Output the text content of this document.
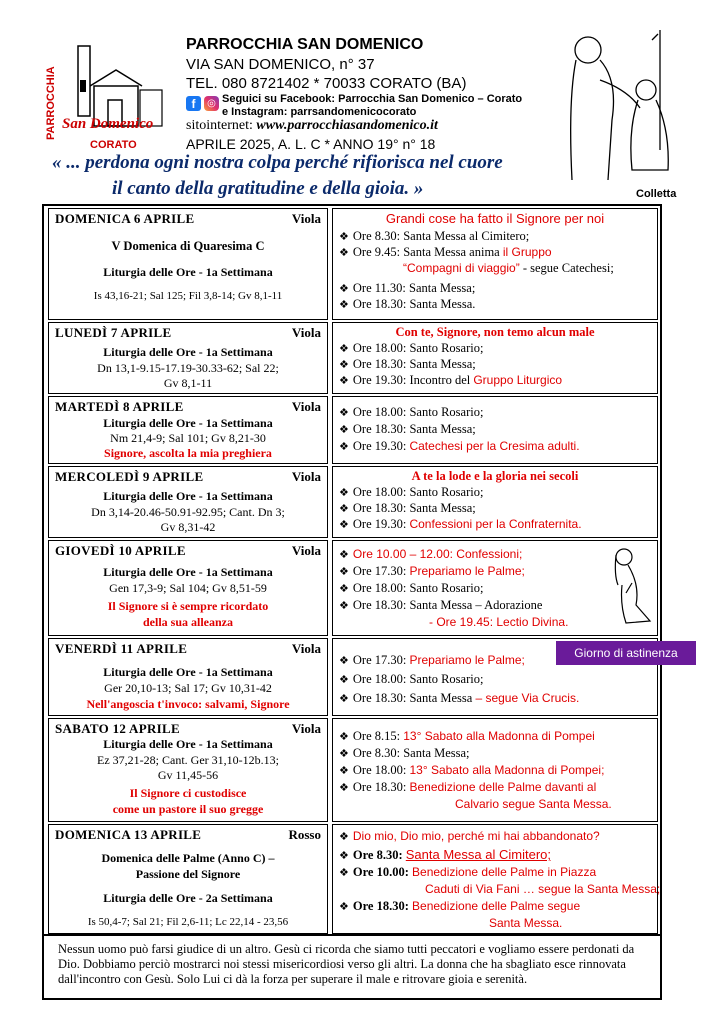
PARROCCHIA San Domenico
CORATO
PARROCCHIA SAN DOMENICO
VIA SAN DOMENICO, n° 37
TEL. 080 8721402 * 70033 CORATO (BA)
f	◎ Seguici su Facebook: Parrocchia San Domenico – Corato
e Instagram: parrsandomenicocorato
sitointernet: www.parrocchiasandomenico.it
APRILE 2025, A. L. C * ANNO 19° n° 18
« ... perdona ogni nostra colpa perché rifiorisca nel cuore
il canto della gratitudine e della gioia. »	Colletta
DOMENICA 6 APRILE	Viola
V Domenica di Quaresima C
Liturgia delle Ore - 1a Settimana
Is 43,16-21; Sal 125; Fil 3,8-14; Gv 8,1-11
Grandi cose ha fatto il Signore per noi
❖ Ore 8.30: Santa Messa al Cimitero;
❖ Ore 9.45: Santa Messa anima il Gruppo
“Compagni di viaggio” - segue Catechesi;
❖ Ore 11.30: Santa Messa;
❖ Ore 18.30: Santa Messa.
LUNEDÌ 7 APRILE	Viola
Liturgia delle Ore - 1a Settimana
Dn 13,1-9.15-17.19-30.33-62; Sal 22;
Gv 8,1-11
Con te, Signore, non temo alcun male
❖ Ore 18.00: Santo Rosario;
❖ Ore 18.30: Santa Messa;
❖ Ore 19.30: Incontro del Gruppo Liturgico
MARTEDÌ 8 APRILE	Viola
Liturgia delle Ore - 1a Settimana
Nm 21,4-9; Sal 101; Gv 8,21-30
Signore, ascolta la mia preghiera
❖ Ore 18.00: Santo Rosario;
❖ Ore 18.30: Santa Messa;
❖ Ore 19.30: Catechesi per la Cresima adulti.
MERCOLEDÌ 9 APRILE	Viola
Liturgia delle Ore - 1a Settimana
Dn 3,14-20.46-50.91-92.95; Cant. Dn 3;
Gv 8,31-42
A te la lode e la gloria nei secoli
❖ Ore 18.00: Santo Rosario;
❖ Ore 18.30: Santa Messa;
❖ Ore 19.30: Confessioni per la Confraternita.
GIOVEDÌ 10 APRILE	Viola
Liturgia delle Ore - 1a Settimana
Gen 17,3-9; Sal 104; Gv 8,51-59
Il Signore si è sempre ricordato
della sua alleanza
❖ Ore 10.00 – 12.00: Confessioni;
❖ Ore 17.30: Prepariamo le Palme;
❖ Ore 18.00: Santo Rosario;
❖ Ore 18.30: Santa Messa – Adorazione
- Ore 19.45: Lectio Divina.
VENERDÌ 11 APRILE	Viola
Liturgia delle Ore - 1a Settimana
Ger 20,10-13; Sal 17; Gv 10,31-42
Nell'angoscia t'invoco: salvami, Signore
❖ Ore 17.30: Prepariamo le Palme;
❖ Ore 18.00: Santo Rosario;
❖ Ore 18.30: Santa Messa – segue Via Crucis.
SABATO 12 APRILE	Viola
Liturgia delle Ore - 1a Settimana
Ez 37,21-28; Cant. Ger 31,10-12b.13;
Gv 11,45-56
Il Signore ci custodisce
come un pastore il suo gregge
❖ Ore 8.15: 13° Sabato alla Madonna di Pompei
❖ Ore 8.30: Santa Messa;
❖ Ore 18.00: 13° Sabato alla Madonna di Pompei;
❖ Ore 18.30: Benedizione delle Palme davanti al
Calvario segue Santa Messa.
DOMENICA 13 APRILE	Rosso
Domenica delle Palme (Anno C) –
Passione del Signore
Liturgia delle Ore - 2a Settimana
Is 50,4-7; Sal 21; Fil 2,6-11; Lc 22,14 - 23,56
❖ Dio mio, Dio mio, perché mi hai abbandonato?
❖ Ore 8.30: Santa Messa al Cimitero;
❖ Ore 10.00: Benedizione delle Palme in Piazza
Caduti di Via Fani … segue la Santa Messa;
❖ Ore 18.30: Benedizione delle Palme segue
Santa Messa.
Giorno di astinenza
Nessun uomo può farsi giudice di un altro. Gesù ci ricorda che siamo tutti peccatori e vogliamo essere perdonati da Dio. Dobbiamo perciò mostrarci noi stessi misericordiosi verso gli altri. La donna che ha sbagliato esce rinnovata dall'incontro con Gesù. Solo Lui ci dà la forza per superare il male e ritrovare gioia e serenità.
